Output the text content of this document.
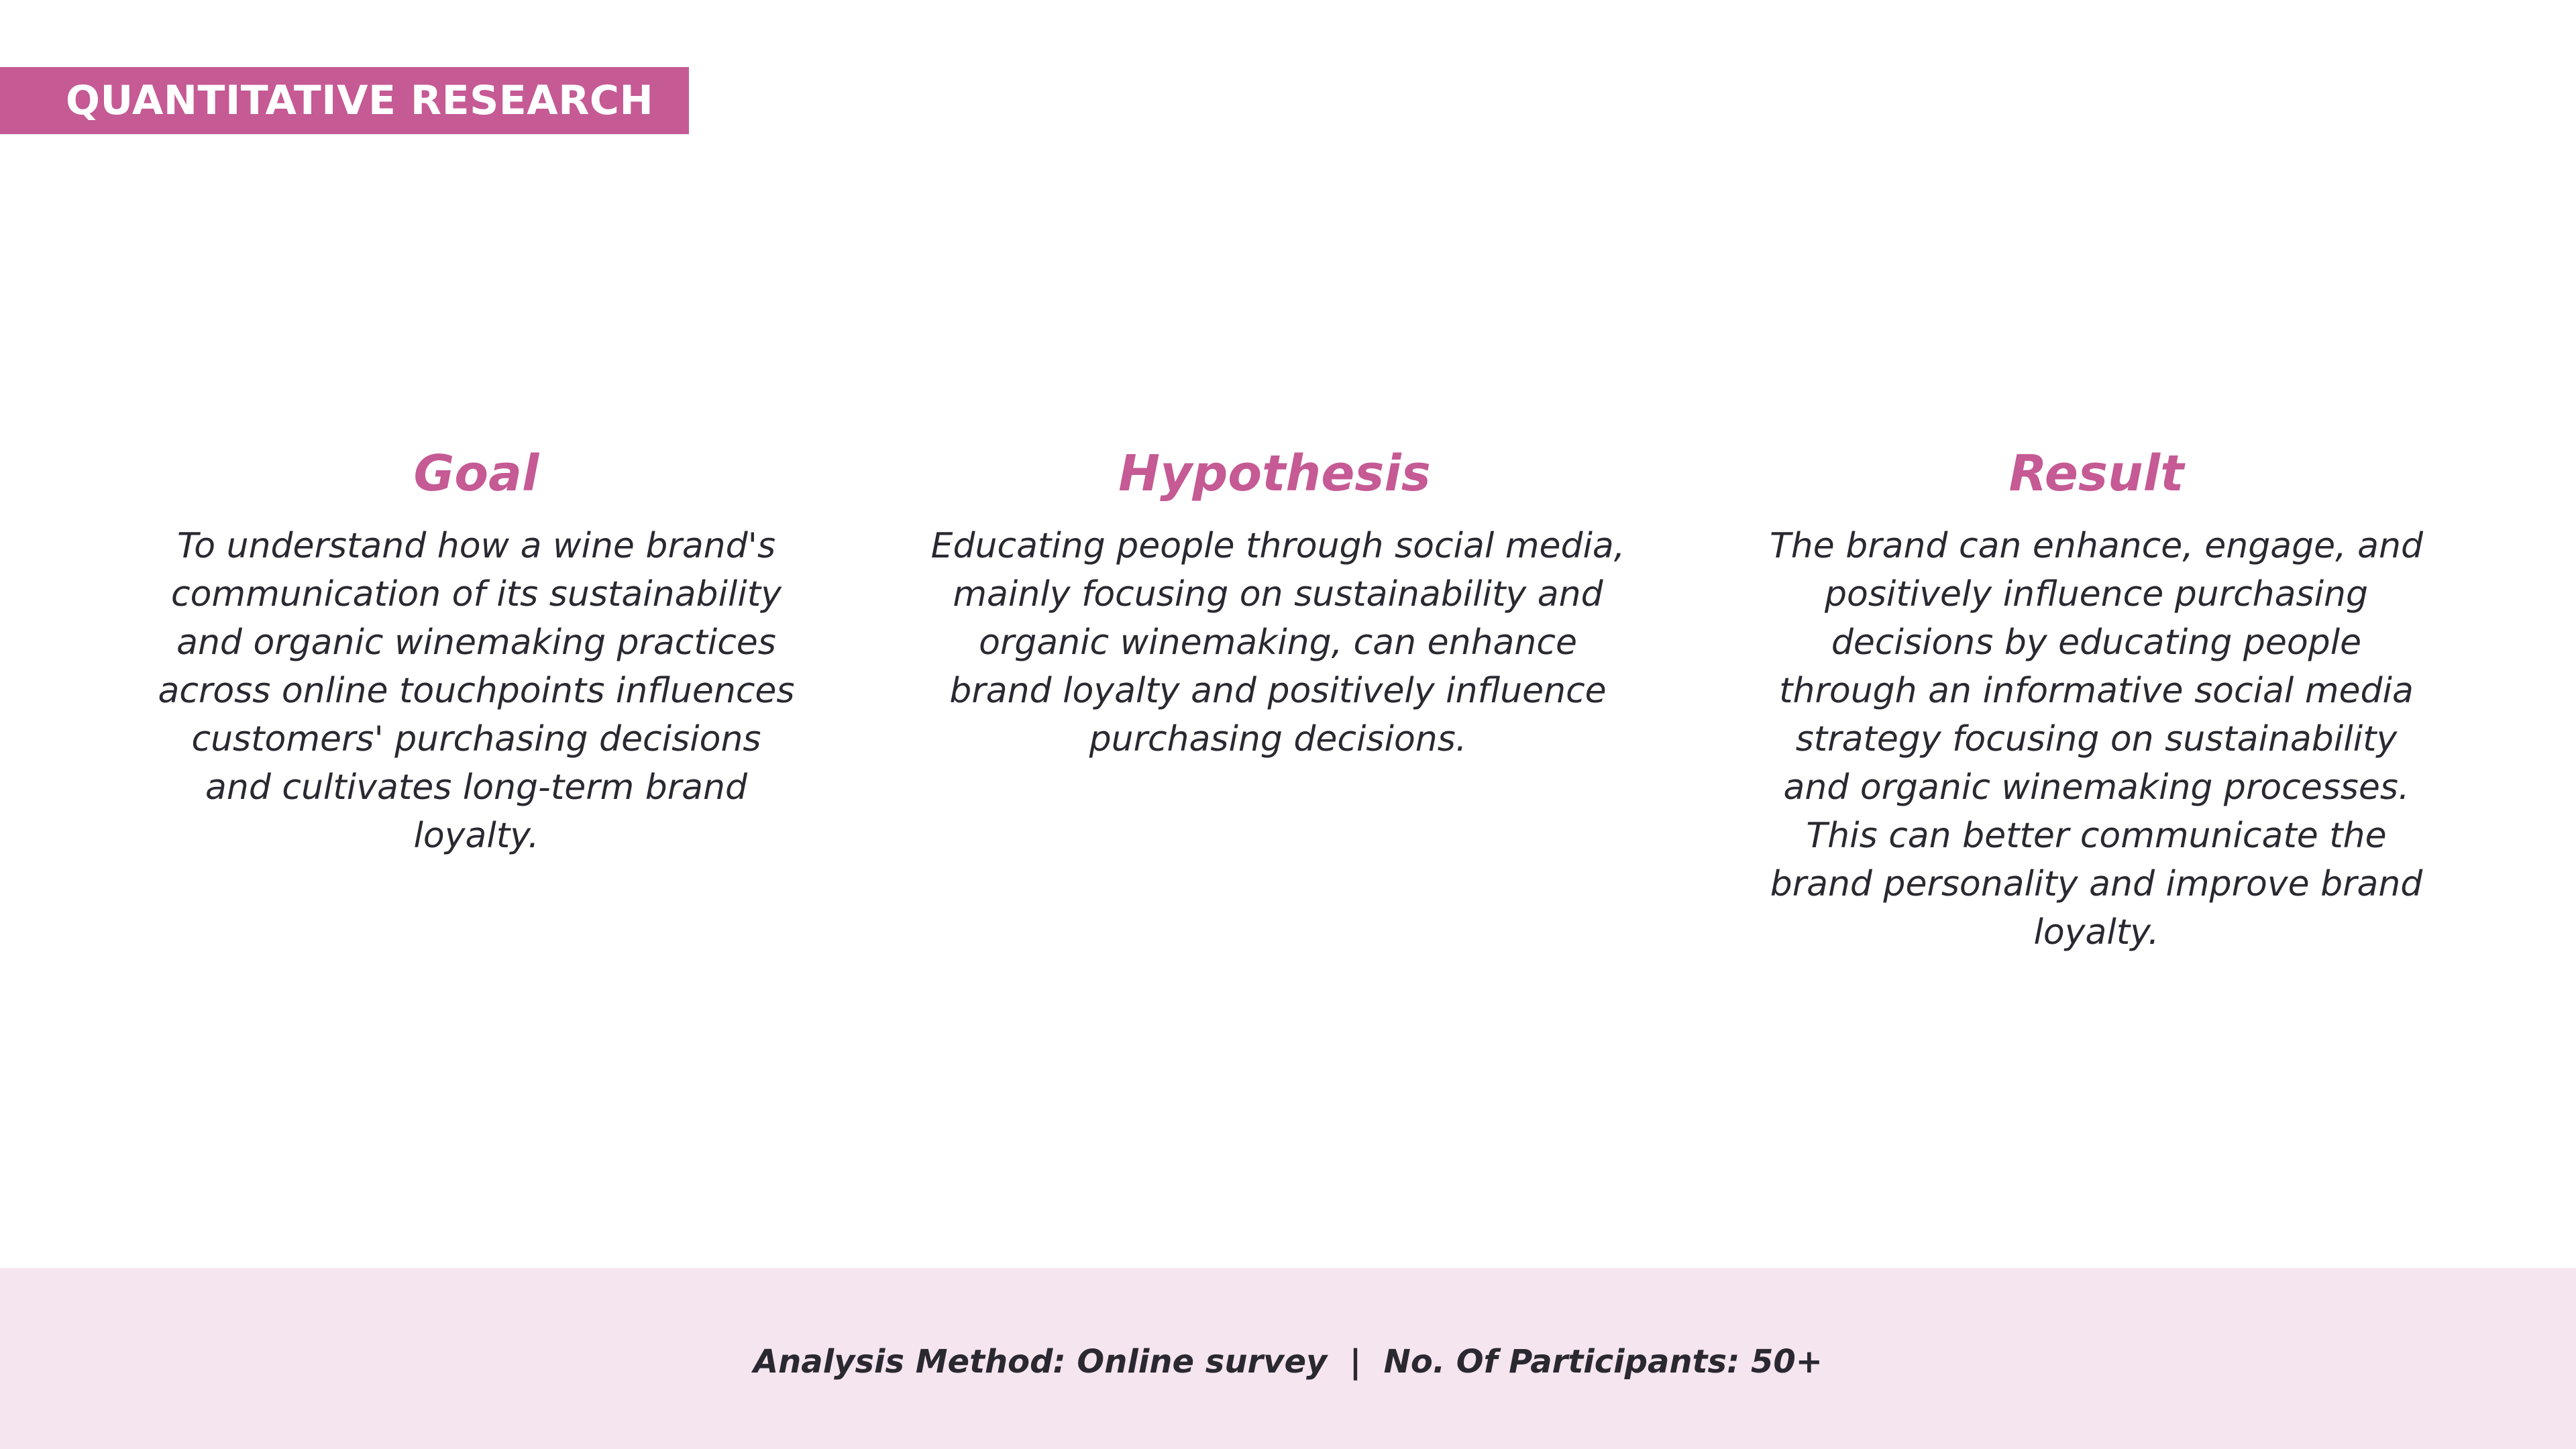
QUANTITATIVE RESEARCH
Goal

To understand how a wine brand's communication of its sustainability and organic winemaking practices across online touchpoints influences customers' purchasing decisions and cultivates long-term brand loyalty.

Hypothesis

Educating people through social media, mainly focusing on sustainability and organic winemaking, can enhance brand loyalty and positively influence purchasing decisions.

Result

The brand can enhance, engage, and positively influence purchasing decisions by educating people through an informative social media strategy focusing on sustainability and organic winemaking processes. This can better communicate the brand personality and improve brand loyalty.

Analysis Method: Online survey  |  No. Of Participants: 50+
